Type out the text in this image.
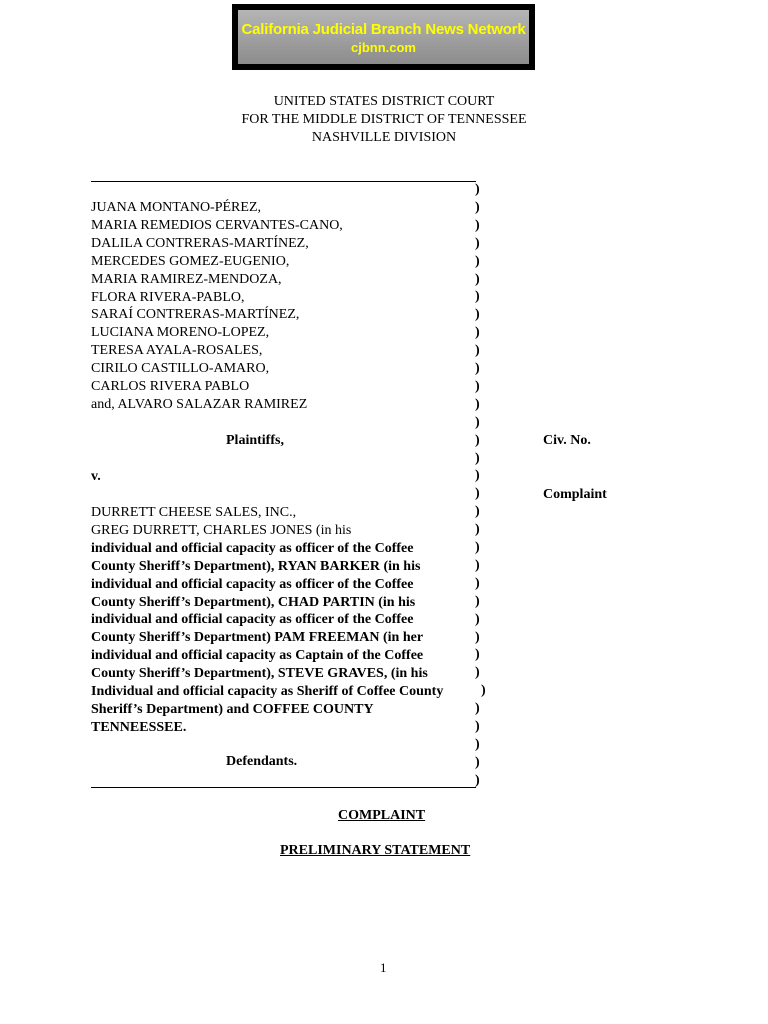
California Judicial Branch News Network
cjbnn.com
UNITED STATES DISTRICT COURT
FOR THE MIDDLE DISTRICT OF TENNESSEE
NASHVILLE DIVISION
JUANA MONTANO-PÉREZ,
MARIA REMEDIOS CERVANTES-CANO,
DALILA CONTRERAS-MARTÍNEZ,
MERCEDES GOMEZ-EUGENIO,
MARIA RAMIREZ-MENDOZA,
FLORA RIVERA-PABLO,
SARAÍ CONTRERAS-MARTÍNEZ,
LUCIANA MORENO-LOPEZ,
TERESA AYALA-ROSALES,
CIRILO CASTILLO-AMARO,
CARLOS RIVERA PABLO
and, ALVARO SALAZAR RAMIREZ
Plaintiffs,	Civ. No.
v.
Complaint
DURRETT CHEESE SALES, INC.,
GREG DURRETT, CHARLES JONES (in his
individual and official capacity as officer of the Coffee
County Sheriff’s Department), RYAN BARKER (in his
individual and official capacity as officer of the Coffee
County Sheriff’s Department), CHAD PARTIN (in his
individual and official capacity as officer of the Coffee
County Sheriff’s Department) PAM FREEMAN (in her
individual and official capacity as Captain of the Coffee
County Sheriff’s Department), STEVE GRAVES, (in his
Individual and official capacity as Sheriff of Coffee County
Sheriff’s Department) and COFFEE COUNTY
TENNEESSEE.
Defendants.
)
)
)
)
)
)
)
)
)
)
)
)
)
)
)
)
)
)
)
)
)
)
)
)
)
)
)
)
)
)
)
)
)
)
COMPLAINT
PRELIMINARY STATEMENT
1
